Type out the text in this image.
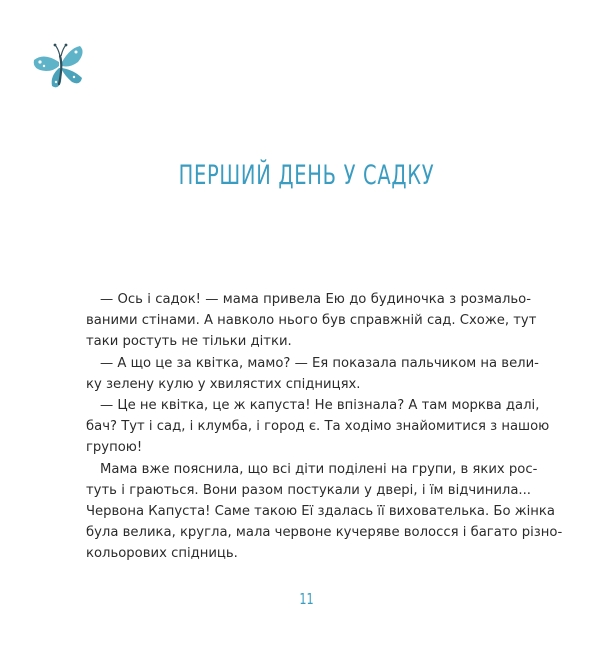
ПЕРШИЙ ДЕНЬ У САДКУ
— Ось і садок! — мама привела Ею до будиночка з розмальо-
ваними стінами. А навколо нього був справжній сад. Схоже, тут
таки ростуть не тільки дітки.
— А що це за квітка, мамо? — Ея показала пальчиком на вели-
ку зелену кулю у хвилястих спідницях.
— Це не квітка, це ж капуста! Не впізнала? А там морква далі,
бач? Тут і сад, і клумба, і город є. Та ходімо знайомитися з нашою
групою!
Мама вже пояснила, що всі діти поділені на групи, в яких рос-
туть і граються. Вони разом постукали у двері, і їм відчинила...
Червона Капуста! Саме такою Еї здалась її вихователька. Бо жінка
була велика, кругла, мала червоне кучеряве волосся і багато різно-
кольорових спідниць.
11
